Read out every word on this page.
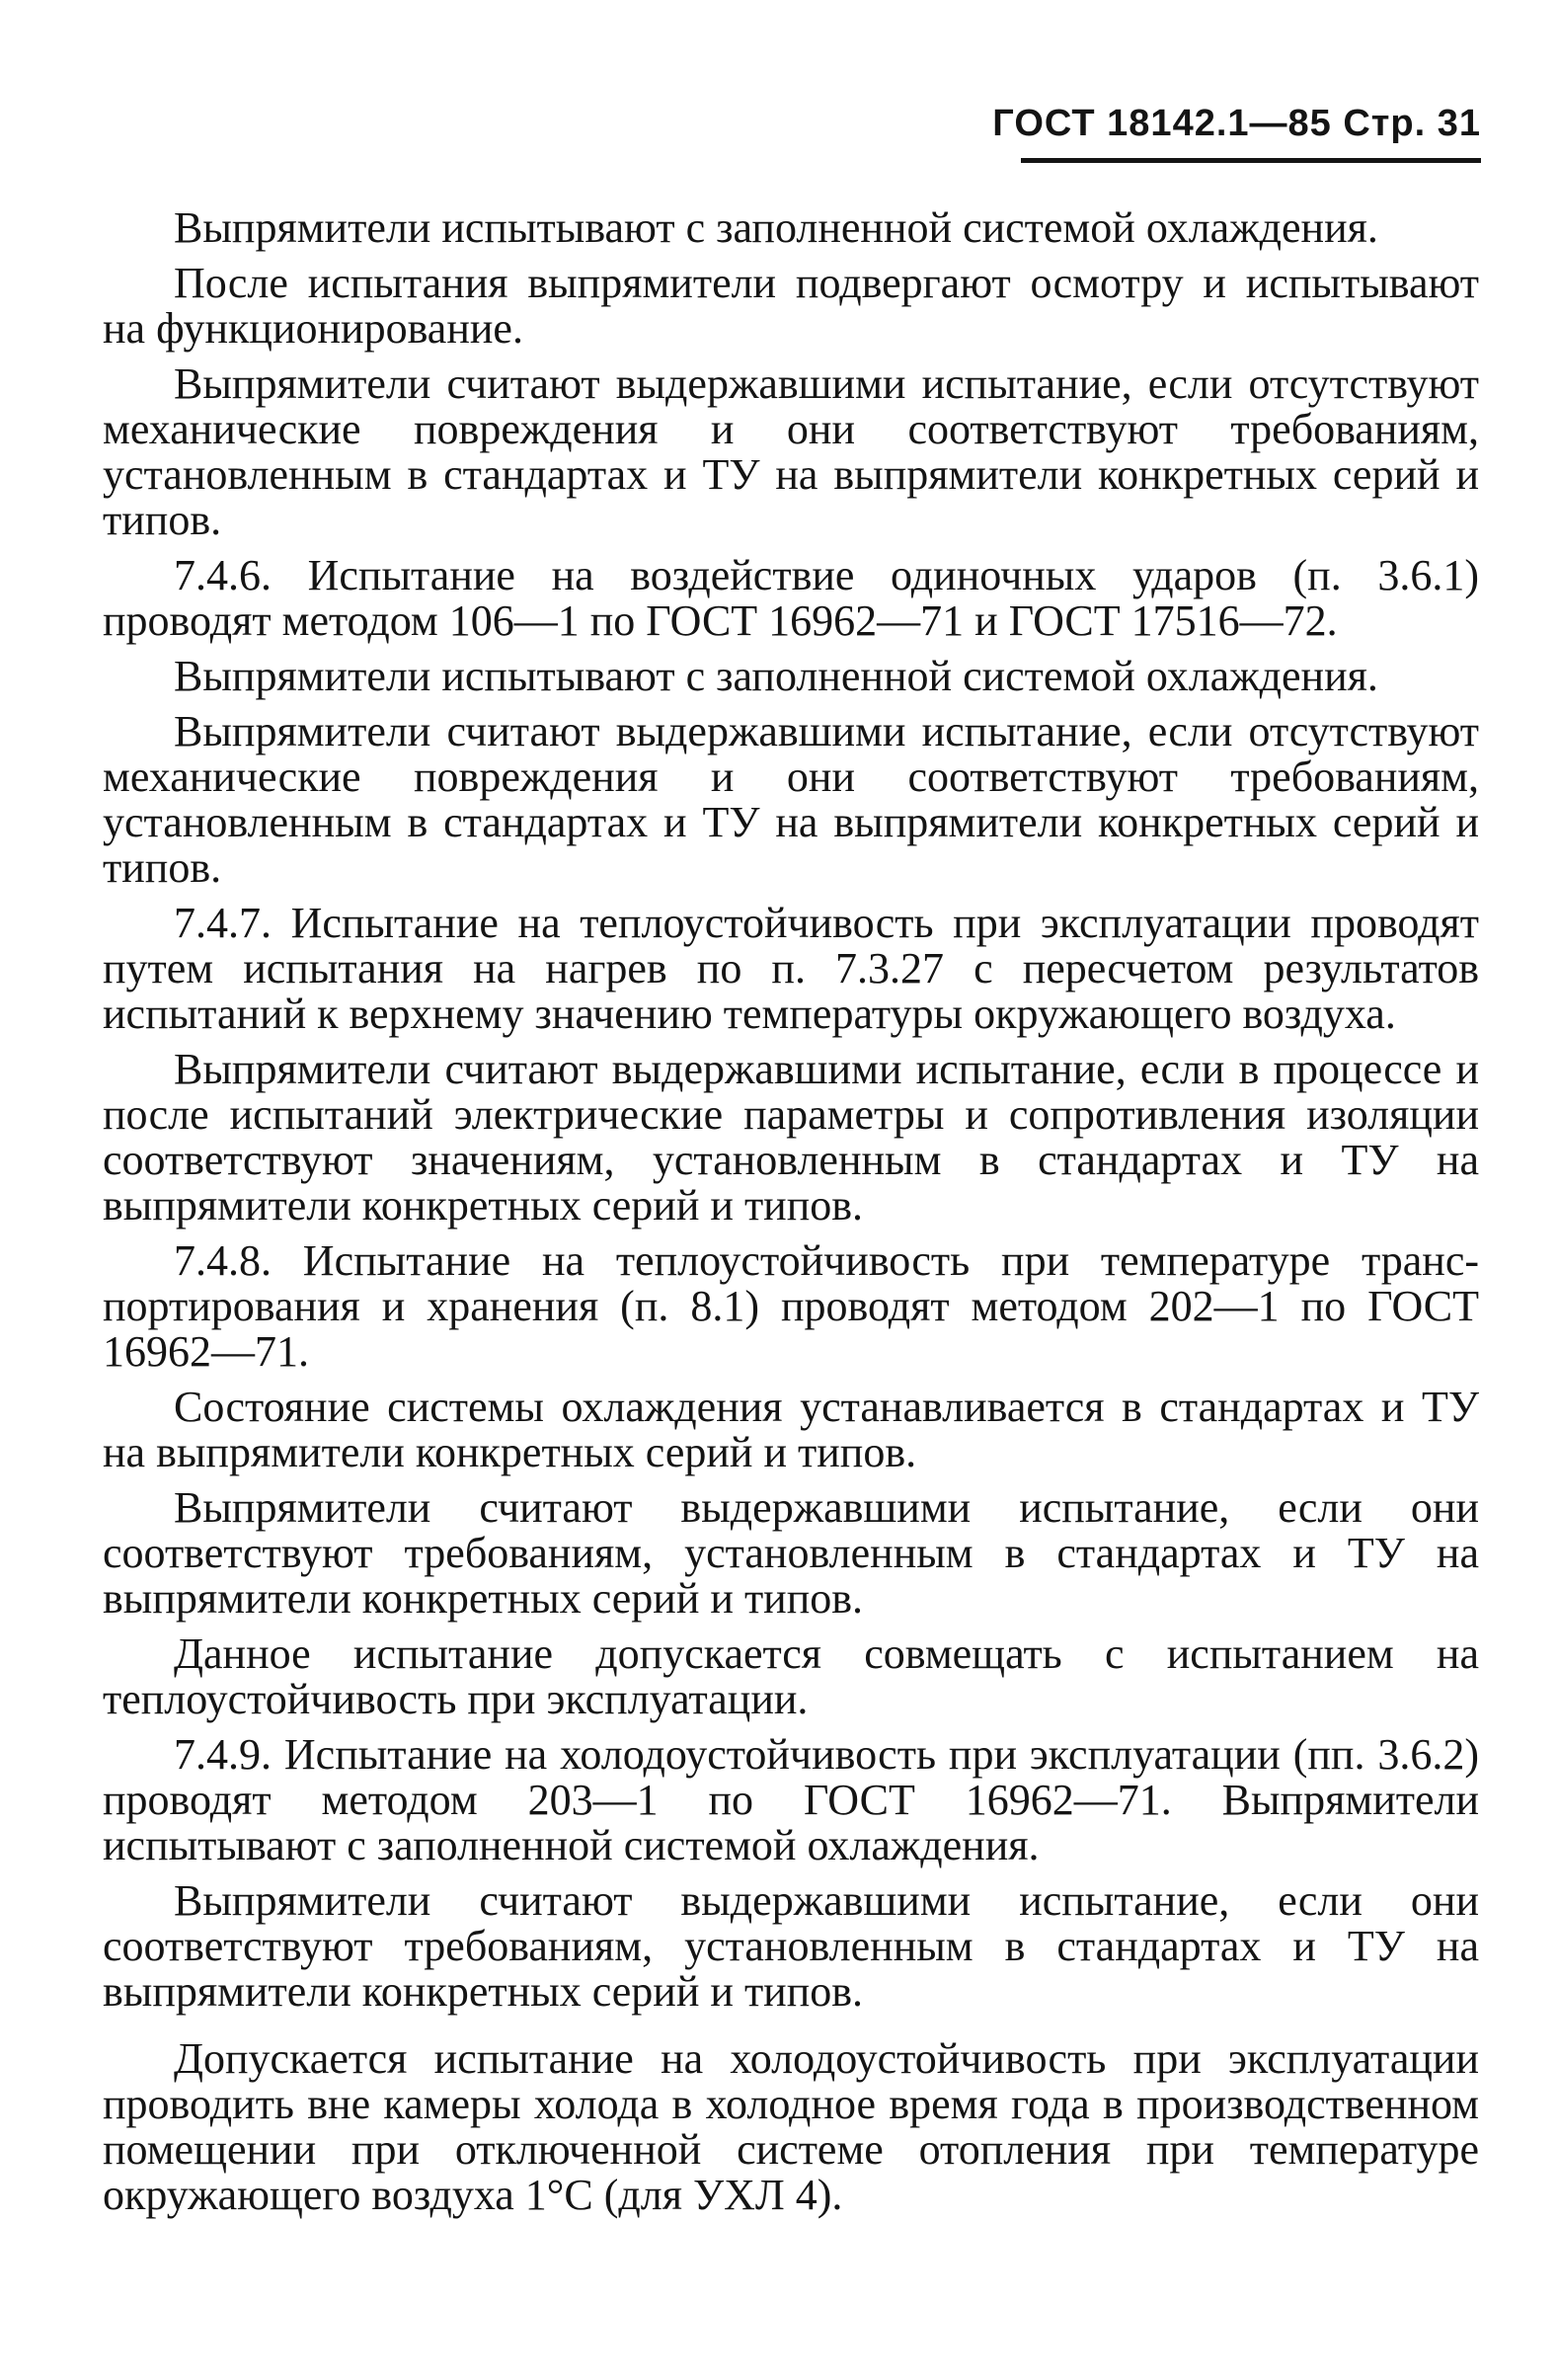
ГОСТ 18142.1—85 Стр. 31

Выпрямители испытывают с заполненной системой охлаждения.

После испытания выпрямители подвергают осмотру и испытывают на функционирование.

Выпрямители считают выдержавшими испытание, если отсутствуют механические повреждения и они соответствуют требованиям, установленным в стандартах и ТУ на выпрямители конкретных серий и типов.

7.4.6. Испытание на воздействие одиночных ударов (п. 3.6.1) проводят методом 106—1 по ГОСТ 16962—71 и ГОСТ 17516—72.

Выпрямители испытывают с заполненной системой охлаждения.

Выпрямители считают выдержавшими испытание, если отсутствуют механические повреждения и они соответствуют требованиям, установленным в стандартах и ТУ на выпрямители конкретных серий и типов.

7.4.7. Испытание на теплоустойчивость при эксплуатации проводят путем испытания на нагрев по п. 7.3.27 с пересчетом результатов испытаний к верхнему значению температуры окружающего воздуха.

Выпрямители считают выдержавшими испытание, если в процессе и после испытаний электрические параметры и сопротивления изоляции соответствуют значениям, установленным в стандартах и ТУ на выпрямители конкретных серий и типов.

7.4.8. Испытание на теплоустойчивость при температуре транспортирования и хранения (п. 8.1) проводят методом 202—1 по ГОСТ 16962—71.

Состояние системы охлаждения устанавливается в стандартах и ТУ на выпрямители конкретных серий и типов.

Выпрямители считают выдержавшими испытание, если они соответствуют требованиям, установленным в стандартах и ТУ на выпрямители конкретных серий и типов.

Данное испытание допускается совмещать с испытанием на теплоустойчивость при эксплуатации.

7.4.9. Испытание на холодоустойчивость при эксплуатации (пп. 3.6.2) проводят методом 203—1 по ГОСТ 16962—71. Выпрямители испытывают с заполненной системой охлаждения.

Выпрямители считают выдержавшими испытание, если они соответствуют требованиям, установленным в стандартах и ТУ на выпрямители конкретных серий и типов.

Допускается испытание на холодоустойчивость при эксплуатации проводить вне камеры холода в холодное время года в производственном помещении при отключенной системе отопления при температуре окружающего воздуха 1°С (для УХЛ 4).
